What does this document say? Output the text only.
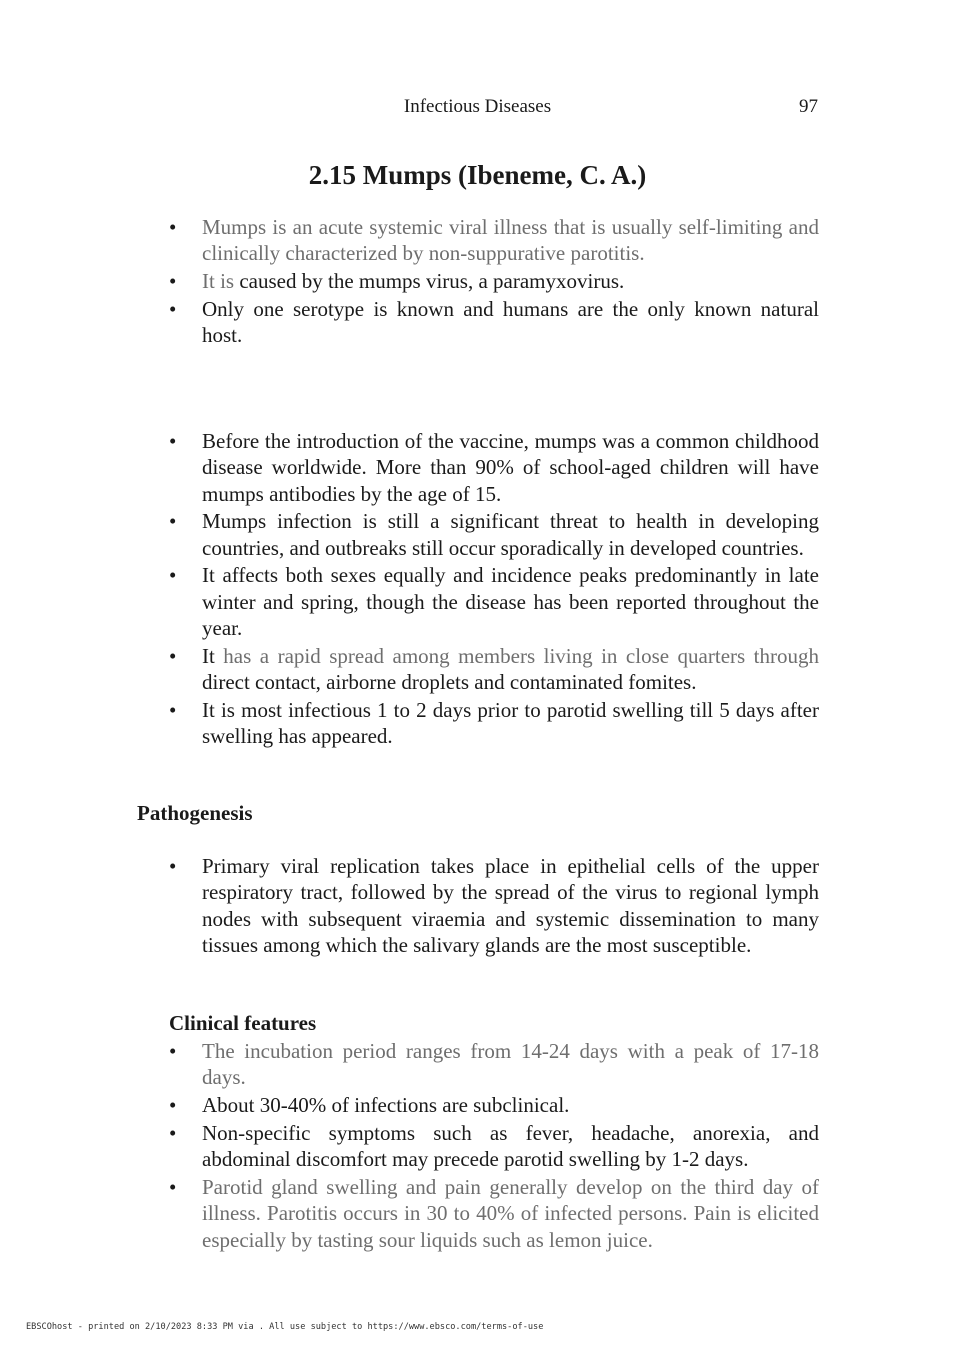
Infectious Diseases	97
2.15 Mumps (Ibeneme, C. A.)
• Mumps is an acute systemic viral illness that is usually self-limiting and clinically characterized by non-suppurative parotitis.
• It is caused by the mumps virus, a paramyxovirus.
• Only one serotype is known and humans are the only known natural host.
• Before the introduction of the vaccine, mumps was a common childhood disease worldwide. More than 90% of school-aged children will have mumps antibodies by the age of 15.
• Mumps infection is still a significant threat to health in developing countries, and outbreaks still occur sporadically in developed countries.
• It affects both sexes equally and incidence peaks predominantly in late winter and spring, though the disease has been reported throughout the year.
• It has a rapid spread among members living in close quarters through direct contact, airborne droplets and contaminated fomites.
• It is most infectious 1 to 2 days prior to parotid swelling till 5 days after swelling has appeared.
Pathogenesis
• Primary viral replication takes place in epithelial cells of the upper respiratory tract, followed by the spread of the virus to regional lymph nodes with subsequent viraemia and systemic dissemination to many tissues among which the salivary glands are the most susceptible.
Clinical features
• The incubation period ranges from 14-24 days with a peak of 17-18 days.
• About 30-40% of infections are subclinical.
• Non-specific symptoms such as fever, headache, anorexia, and abdominal discomfort may precede parotid swelling by 1-2 days.
• Parotid gland swelling and pain generally develop on the third day of illness. Parotitis occurs in 30 to 40% of infected persons. Pain is elicited especially by tasting sour liquids such as lemon juice.
EBSCOhost - printed on 2/10/2023 8:33 PM via . All use subject to https://www.ebsco.com/terms-of-use
